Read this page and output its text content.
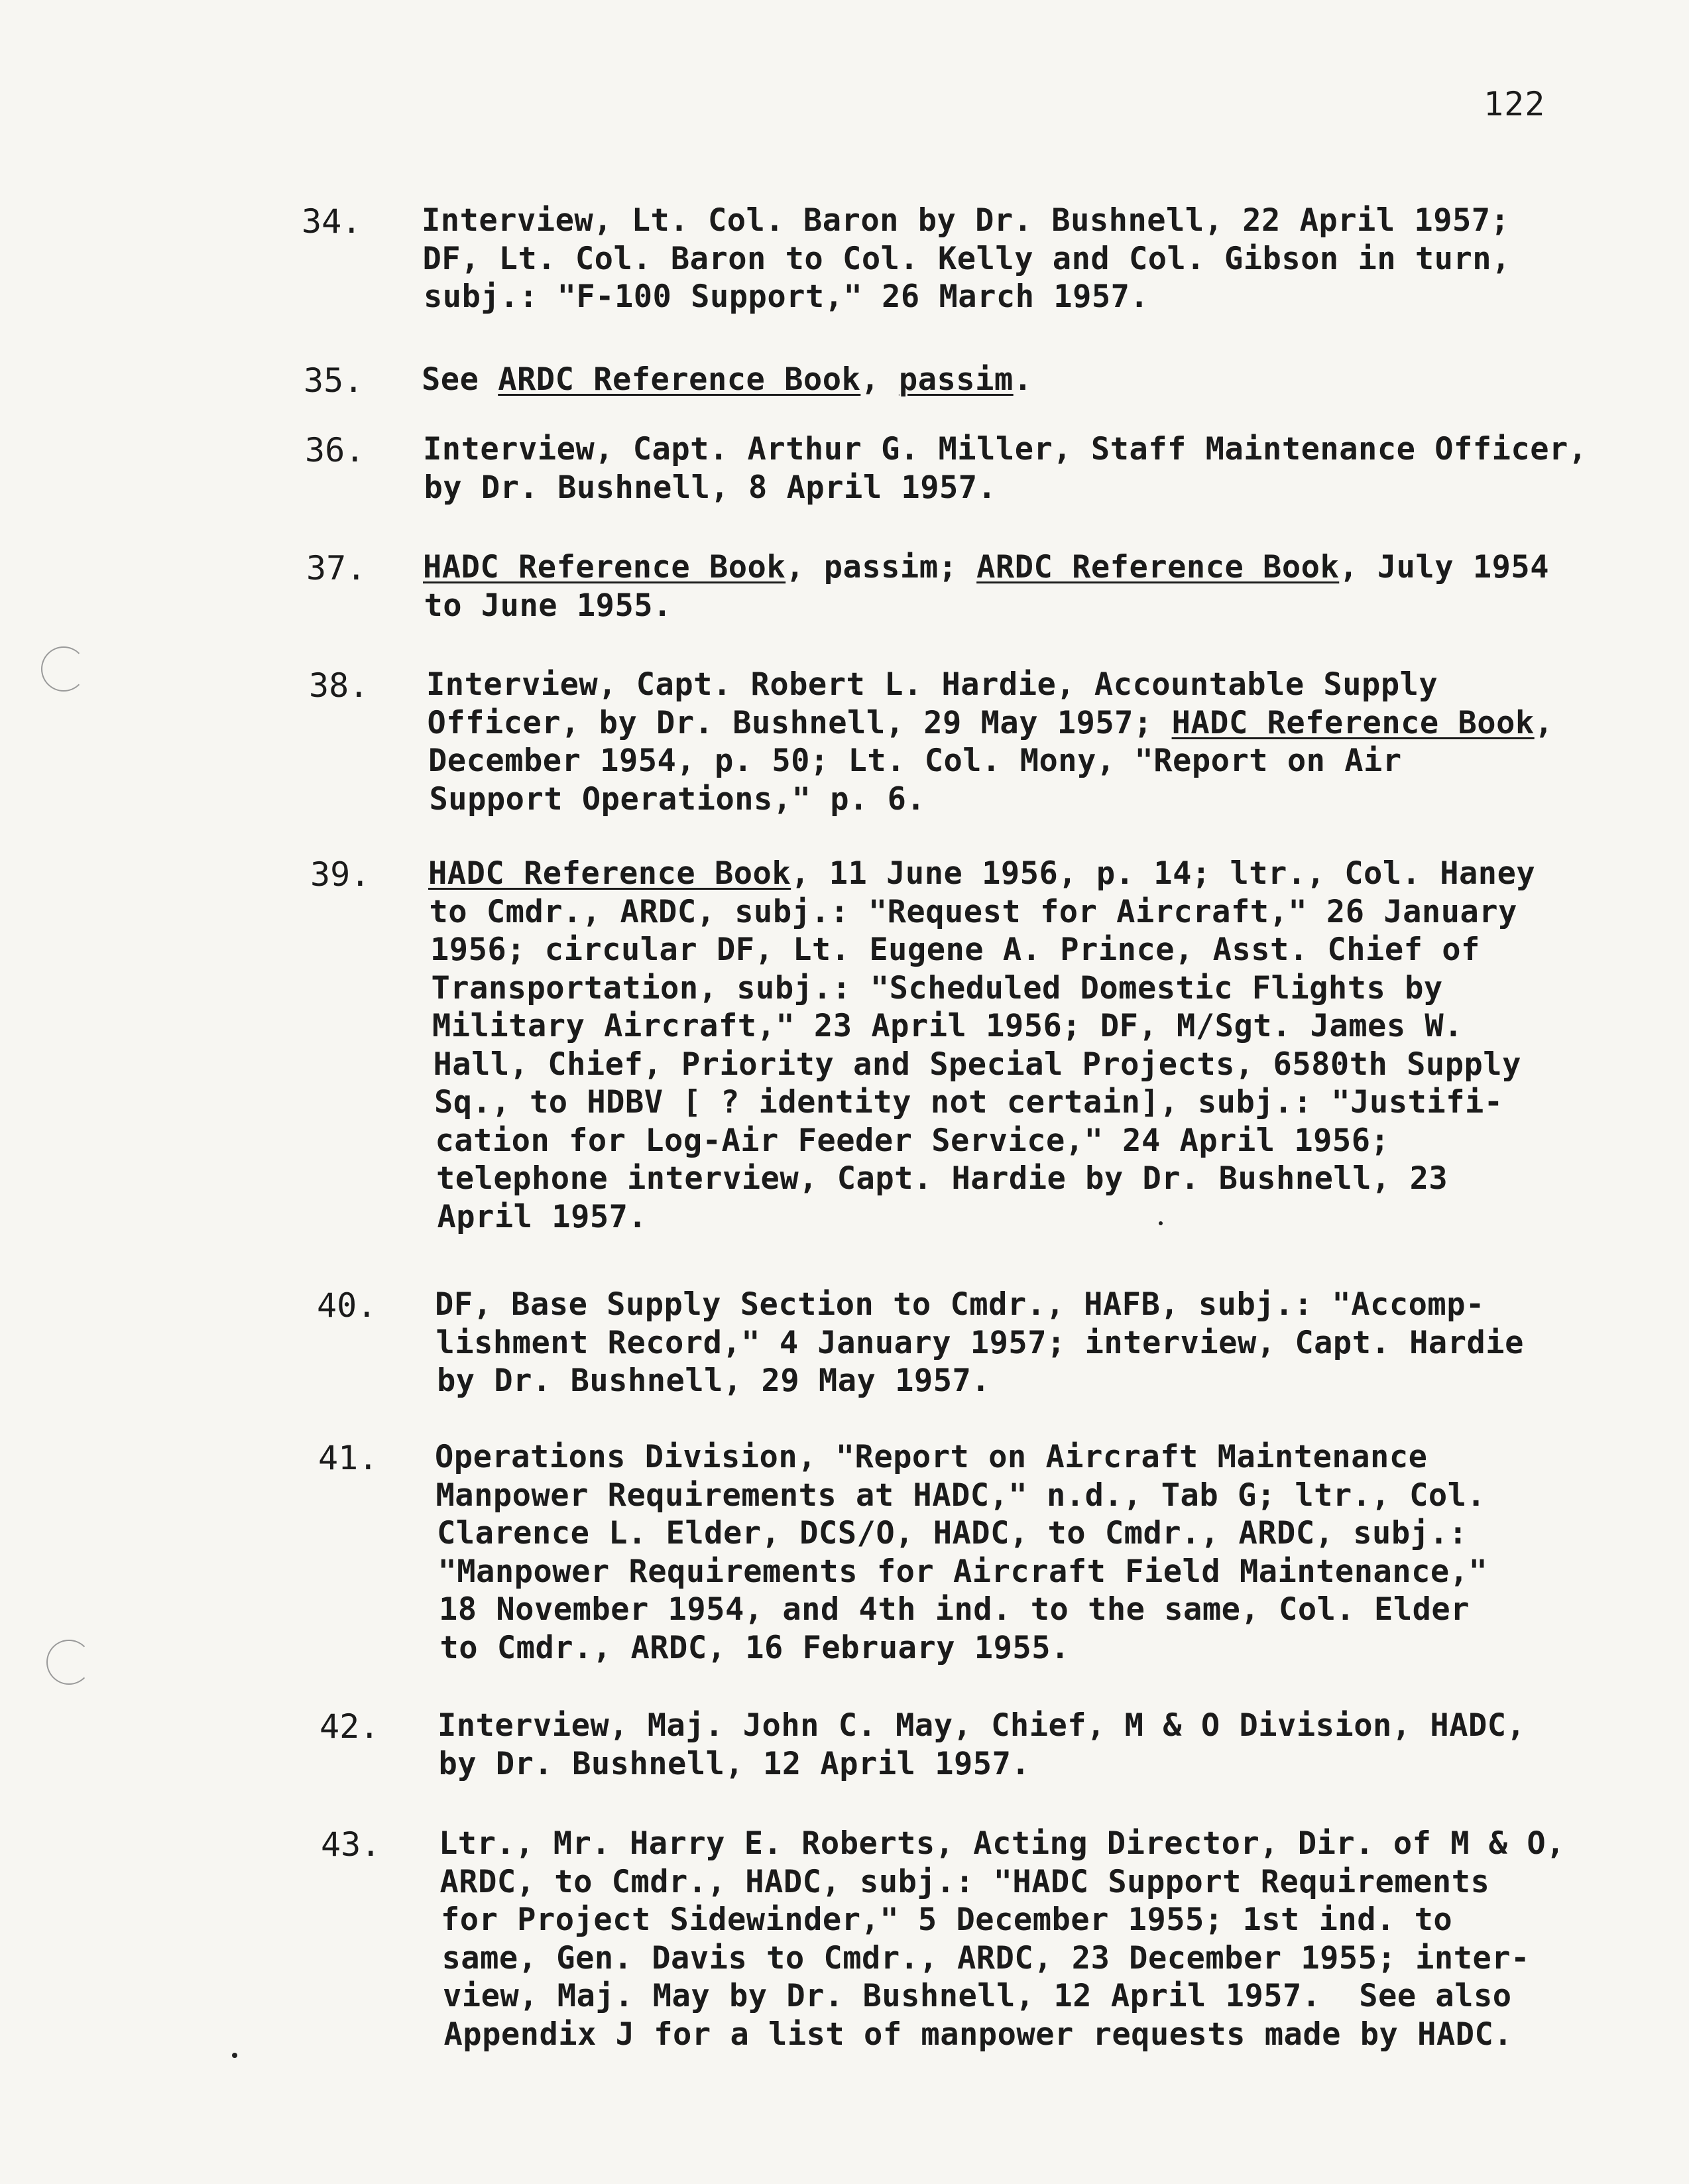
122
34. Interview, Lt. Col. Baron by Dr. Bushnell, 22 April 1957;
DF, Lt. Col. Baron to Col. Kelly and Col. Gibson in turn,
subj.: "F-100 Support," 26 March 1957.
35. See ARDC Reference Book, passim.
36. Interview, Capt. Arthur G. Miller, Staff Maintenance Officer,
by Dr. Bushnell, 8 April 1957.
37. HADC Reference Book, passim; ARDC Reference Book, July 1954
to June 1955.
38. Interview, Capt. Robert L. Hardie, Accountable Supply
Officer, by Dr. Bushnell, 29 May 1957; HADC Reference Book,
December 1954, p. 50; Lt. Col. Mony, "Report on Air
Support Operations," p. 6.
39. HADC Reference Book, 11 June 1956, p. 14; ltr., Col. Haney
to Cmdr., ARDC, subj.: "Request for Aircraft," 26 January
1956; circular DF, Lt. Eugene A. Prince, Asst. Chief of
Transportation, subj.: "Scheduled Domestic Flights by
Military Aircraft," 23 April 1956; DF, M/Sgt. James W.
Hall, Chief, Priority and Special Projects, 6580th Supply
Sq., to HDBV [ ? identity not certain], subj.: "Justifi-
cation for Log-Air Feeder Service," 24 April 1956;
telephone interview, Capt. Hardie by Dr. Bushnell, 23
April 1957.
40. DF, Base Supply Section to Cmdr., HAFB, subj.: "Accomp-
lishment Record," 4 January 1957; interview, Capt. Hardie
by Dr. Bushnell, 29 May 1957.
41. Operations Division, "Report on Aircraft Maintenance
Manpower Requirements at HADC," n.d., Tab G; ltr., Col.
Clarence L. Elder, DCS/O, HADC, to Cmdr., ARDC, subj.:
"Manpower Requirements for Aircraft Field Maintenance,"
18 November 1954, and 4th ind. to the same, Col. Elder
to Cmdr., ARDC, 16 February 1955.
42. Interview, Maj. John C. May, Chief, M & O Division, HADC,
by Dr. Bushnell, 12 April 1957.
43. Ltr., Mr. Harry E. Roberts, Acting Director, Dir. of M & O,
ARDC, to Cmdr., HADC, subj.: "HADC Support Requirements
for Project Sidewinder," 5 December 1955; 1st ind. to
same, Gen. Davis to Cmdr., ARDC, 23 December 1955; inter-
view, Maj. May by Dr. Bushnell, 12 April 1957.  See also
Appendix J for a list of manpower requests made by HADC.
